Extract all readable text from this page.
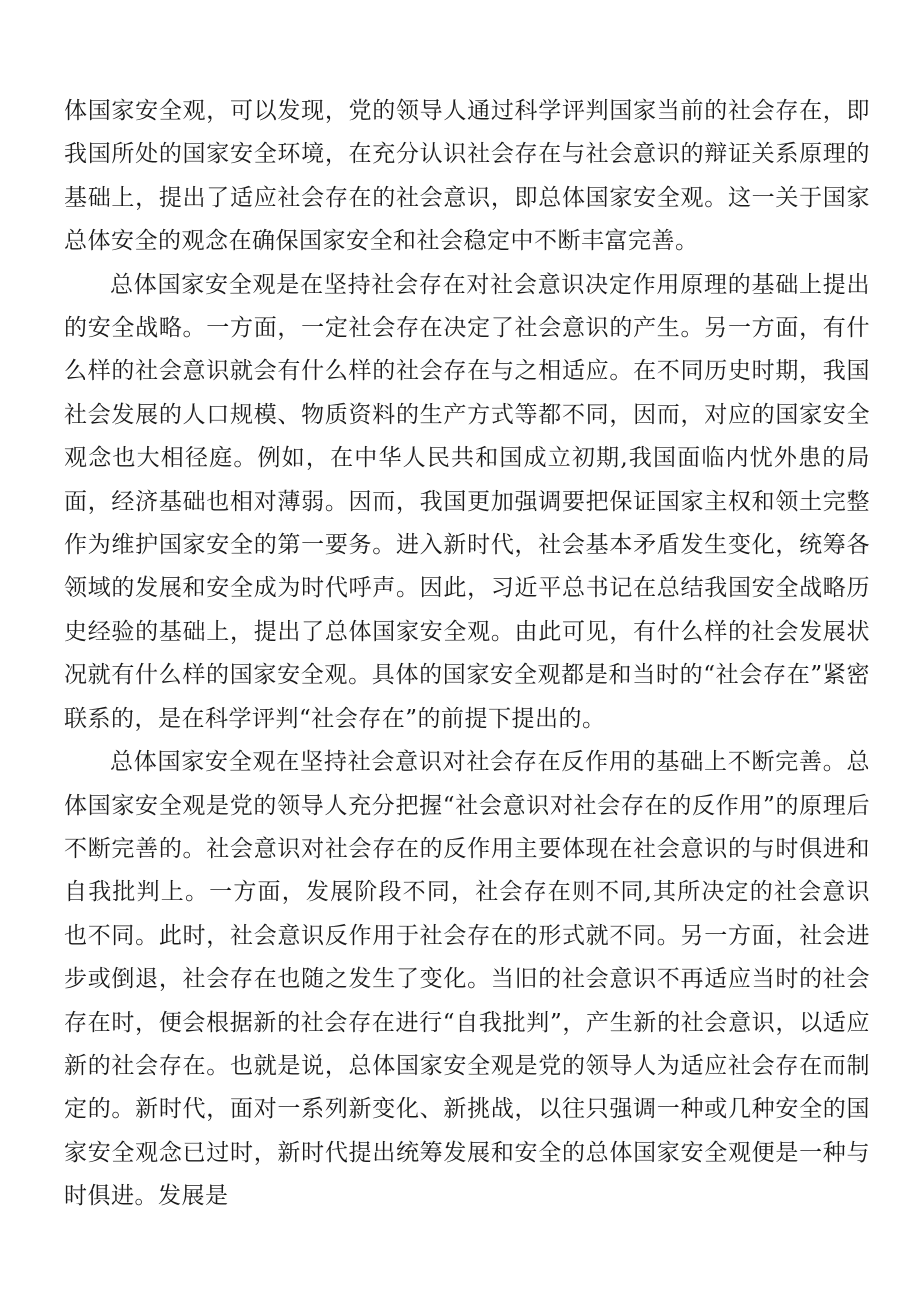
体国家安全观，可以发现，党的领导人通过科学评判国家当前的社会存在，即我国所处的国家安全环境，在充分认识社会存在与社会意识的辩证关系原理的基础上，提出了适应社会存在的社会意识，即总体国家安全观。这一关于国家总体安全的观念在确保国家安全和社会稳定中不断丰富完善。

总体国家安全观是在坚持社会存在对社会意识决定作用原理的基础上提出的安全战略。一方面，一定社会存在决定了社会意识的产生。另一方面，有什么样的社会意识就会有什么样的社会存在与之相适应。在不同历史时期，我国社会发展的人口规模、物质资料的生产方式等都不同，因而，对应的国家安全观念也大相径庭。例如，在中华人民共和国成立初期,我国面临内忧外患的局面，经济基础也相对薄弱。因而，我国更加强调要把保证国家主权和领土完整作为维护国家安全的第一要务。进入新时代，社会基本矛盾发生变化，统筹各领域的发展和安全成为时代呼声。因此，习近平总书记在总结我国安全战略历史经验的基础上，提出了总体国家安全观。由此可见，有什么样的社会发展状况就有什么样的国家安全观。具体的国家安全观都是和当时的“社会存在”紧密联系的，是在科学评判“社会存在”的前提下提出的。

总体国家安全观在坚持社会意识对社会存在反作用的基础上不断完善。总体国家安全观是党的领导人充分把握“社会意识对社会存在的反作用”的原理后不断完善的。社会意识对社会存在的反作用主要体现在社会意识的与时俱进和自我批判上。一方面，发展阶段不同，社会存在则不同,其所决定的社会意识也不同。此时，社会意识反作用于社会存在的形式就不同。另一方面，社会进步或倒退，社会存在也随之发生了变化。当旧的社会意识不再适应当时的社会存在时，便会根据新的社会存在进行“自我批判”，产生新的社会意识，以适应新的社会存在。也就是说，总体国家安全观是党的领导人为适应社会存在而制定的。新时代，面对一系列新变化、新挑战，以往只强调一种或几种安全的国家安全观念已过时，新时代提出统筹发展和安全的总体国家安全观便是一种与时俱进。发展是
